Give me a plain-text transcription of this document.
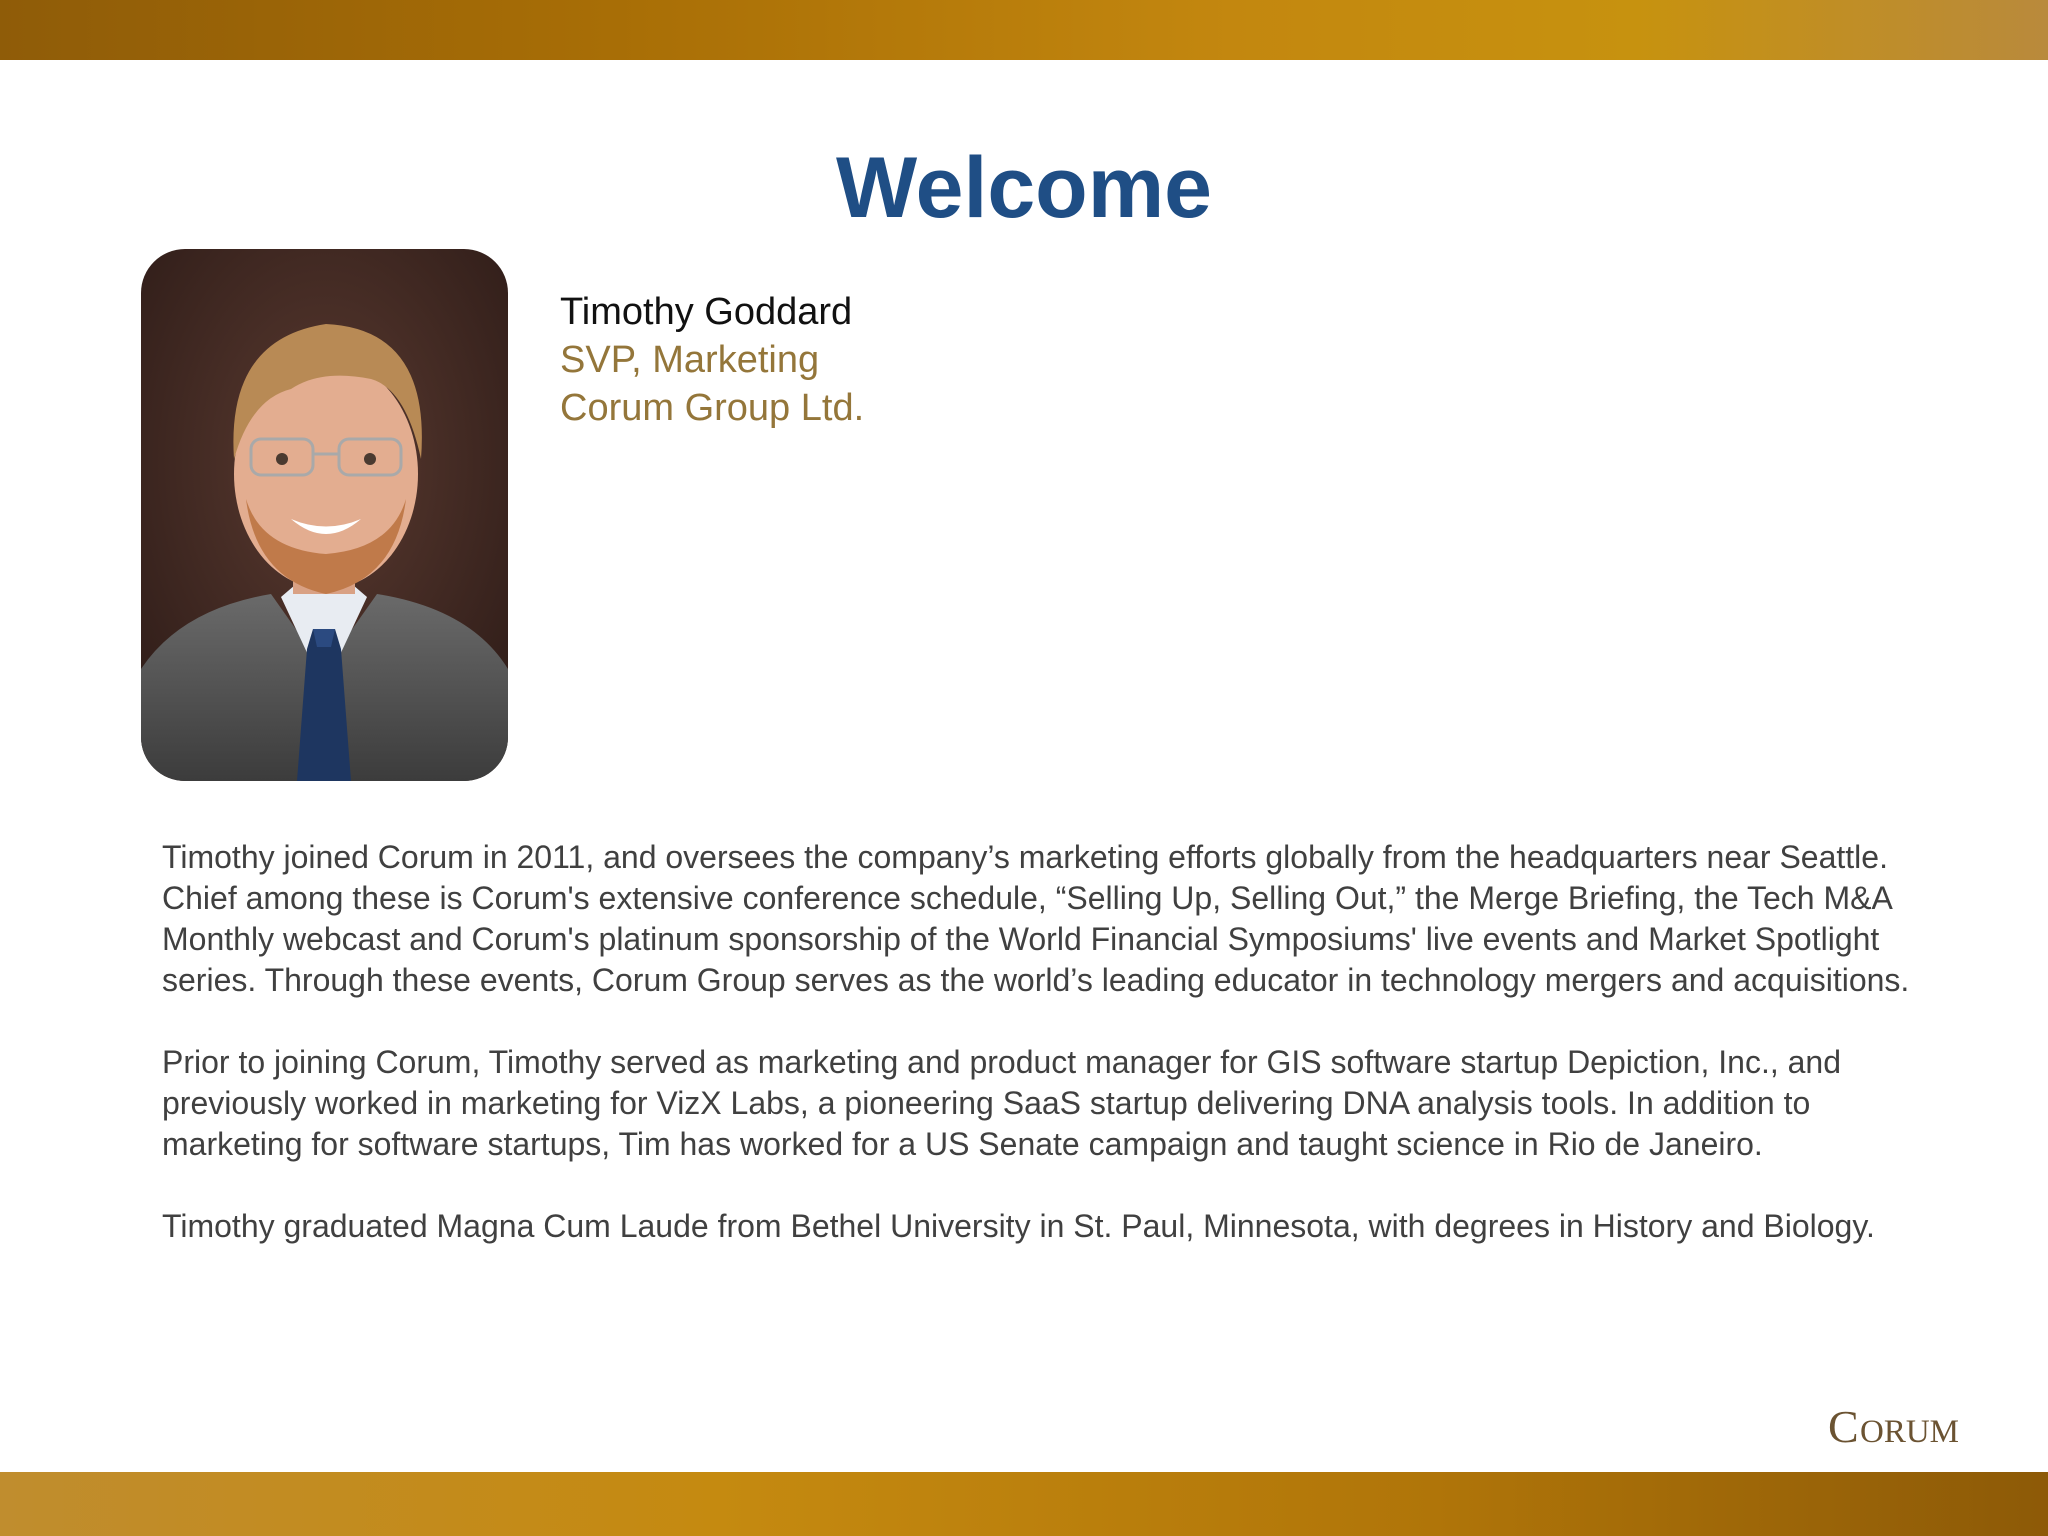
Welcome
Timothy Goddard
SVP, Marketing
Corum Group Ltd.

Timothy joined Corum in 2011, and oversees the company’s marketing efforts globally from the headquarters near Seattle. Chief among these is Corum's extensive conference schedule, “Selling Up, Selling Out,” the Merge Briefing, the Tech M&A Monthly webcast and Corum's platinum sponsorship of the World Financial Symposiums' live events and Market Spotlight series. Through these events, Corum Group serves as the world’s leading educator in technology mergers and acquisitions.

Prior to joining Corum, Timothy served as marketing and product manager for GIS software startup Depiction, Inc., and previously worked in marketing for VizX Labs, a pioneering SaaS startup delivering DNA analysis tools. In addition to marketing for software startups, Tim has worked for a US Senate campaign and taught science in Rio de Janeiro.

Timothy graduated Magna Cum Laude from Bethel University in St. Paul, Minnesota, with degrees in History and Biology.

C ORUM
